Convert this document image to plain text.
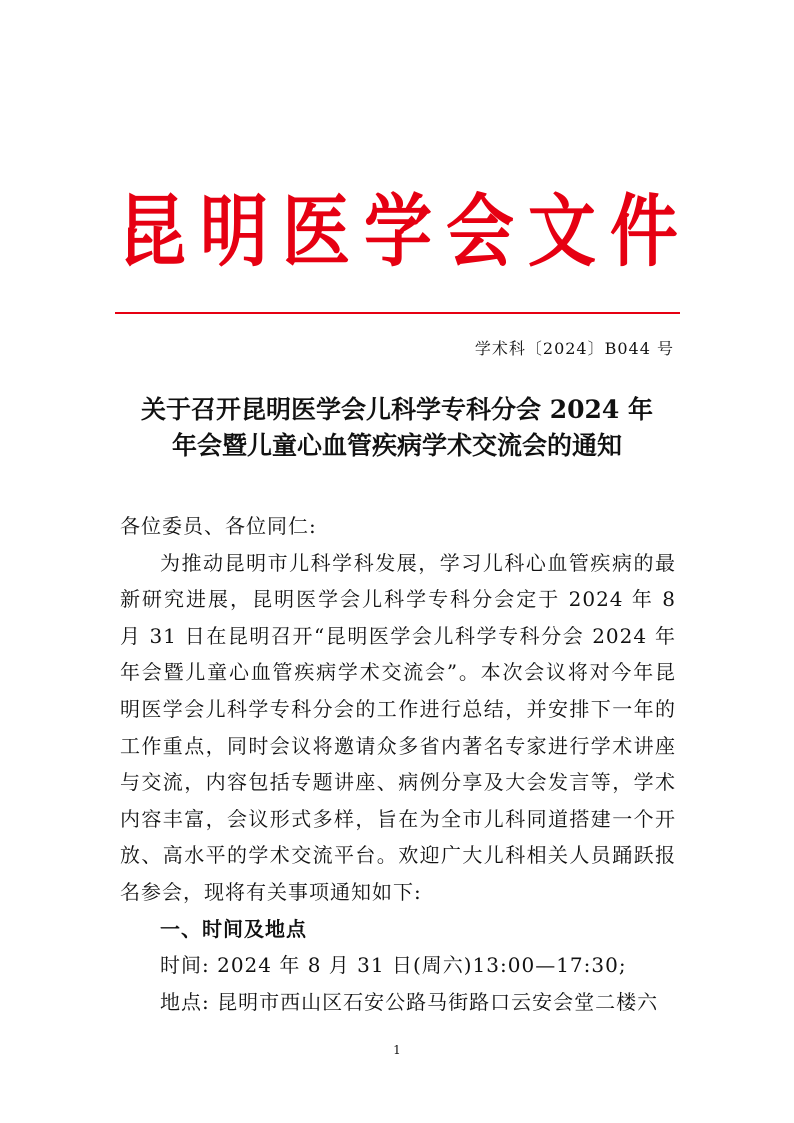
昆 明 医 学 会 文 件
学术科〔2024〕B044 号
关于召开昆明医学会儿科学专科分会 2024 年
年会暨儿童心血管疾病学术交流会的通知

各位委员、各位同仁:

为推动昆明市儿科学科发展，学习儿科心血管疾病的最新研究进展，昆明医学会儿科学专科分会定于 2024 年 8 月 31 日在昆明召开“昆明医学会儿科学专科分会 2024 年年会暨儿童心血管疾病学术交流会”。本次会议将对今年昆明医学会儿科学专科分会的工作进行总结，并安排下一年的工作重点，同时会议将邀请众多省内著名专家进行学术讲座与交流，内容包括专题讲座、病例分享及大会发言等，学术内容丰富，会议形式多样，旨在为全市儿科同道搭建一个开放、高水平的学术交流平台。欢迎广大儿科相关人员踊跃报名参会，现将有关事项通知如下:

一、时间及地点

时间: 2024 年 8 月 31 日(周六)13:00—17:30;

地点: 昆明市西山区石安公路马街路口云安会堂二楼六

1
